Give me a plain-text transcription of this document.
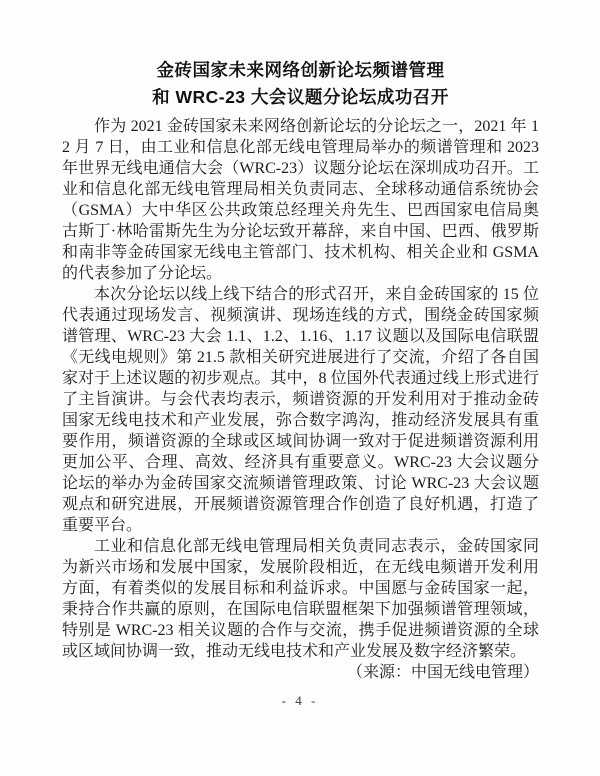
金砖国家未来网络创新论坛频谱管理
和 WRC-23 大会议题分论坛成功召开

作为 2021 金砖国家未来网络创新论坛的分论坛之一，2021 年 12 月 7 日，由工业和信息化部无线电管理局举办的频谱管理和 2023 年世界无线电通信大会（WRC-23）议题分论坛在深圳成功召开。工业和信息化部无线电管理局相关负责同志、全球移动通信系统协会（GSMA）大中华区公共政策总经理关舟先生、巴西国家电信局奥古斯丁·林哈雷斯先生为分论坛致开幕辞，来自中国、巴西、俄罗斯和南非等金砖国家无线电主管部门、技术机构、相关企业和 GSMA 的代表参加了分论坛。

本次分论坛以线上线下结合的形式召开，来自金砖国家的 15 位代表通过现场发言、视频演讲、现场连线的方式，围绕金砖国家频谱管理、WRC-23 大会 1.1、1.2、1.16、1.17 议题以及国际电信联盟《无线电规则》第 21.5 款相关研究进展进行了交流，介绍了各自国家对于上述议题的初步观点。其中，8 位国外代表通过线上形式进行了主旨演讲。与会代表均表示，频谱资源的开发利用对于推动金砖国家无线电技术和产业发展，弥合数字鸿沟，推动经济发展具有重要作用，频谱资源的全球或区域间协调一致对于促进频谱资源利用更加公平、合理、高效、经济具有重要意义。WRC-23 大会议题分论坛的举办为金砖国家交流频谱管理政策、讨论 WRC-23 大会议题观点和研究进展，开展频谱资源管理合作创造了良好机遇，打造了重要平台。

工业和信息化部无线电管理局相关负责同志表示，金砖国家同为新兴市场和发展中国家，发展阶段相近，在无线电频谱开发利用方面，有着类似的发展目标和利益诉求。中国愿与金砖国家一起，秉持合作共赢的原则，在国际电信联盟框架下加强频谱管理领域，特别是 WRC-23 相关议题的合作与交流，携手促进频谱资源的全球或区域间协调一致，推动无线电技术和产业发展及数字经济繁荣。

（来源：中国无线电管理）

- 4 -
